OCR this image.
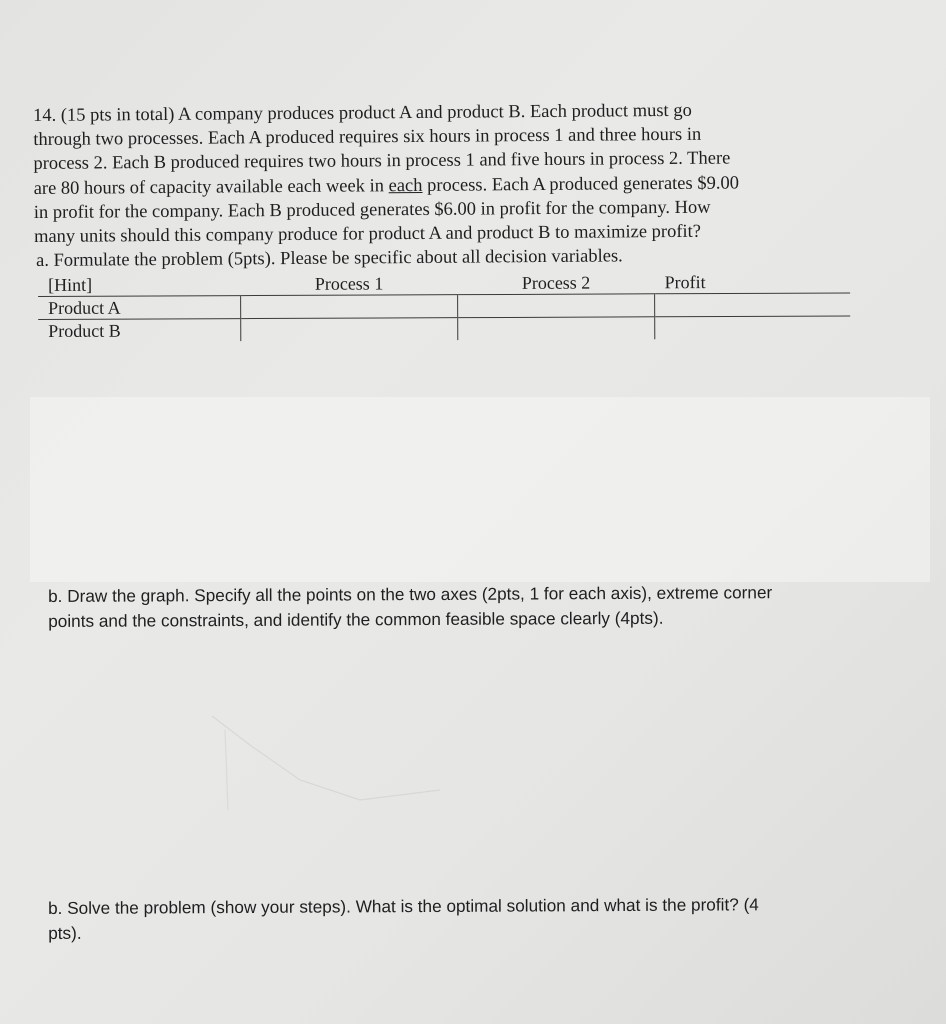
14. (15 pts in total) A company produces product A and product B. Each product must go

through two processes. Each A produced requires six hours in process 1 and three hours in

process 2. Each B produced requires two hours in process 1 and five hours in process 2. There

are 80 hours of capacity available each week in each process. Each A produced generates $9.00

in profit for the company. Each B produced generates $6.00 in profit for the company. How

many units should this company produce for product A and product B to maximize profit?

a. Formulate the problem (5pts). Please be specific about all decision variables.
[Hint]	Process 1	Process 2	Profit
Product A			
Product B			
b. Draw the graph. Specify all the points on the two axes (2pts, 1 for each axis), extreme corner
points and the constraints, and identify the common feasible space clearly (4pts).
b. Solve the problem (show your steps). What is the optimal solution and what is the profit? (4
pts).
